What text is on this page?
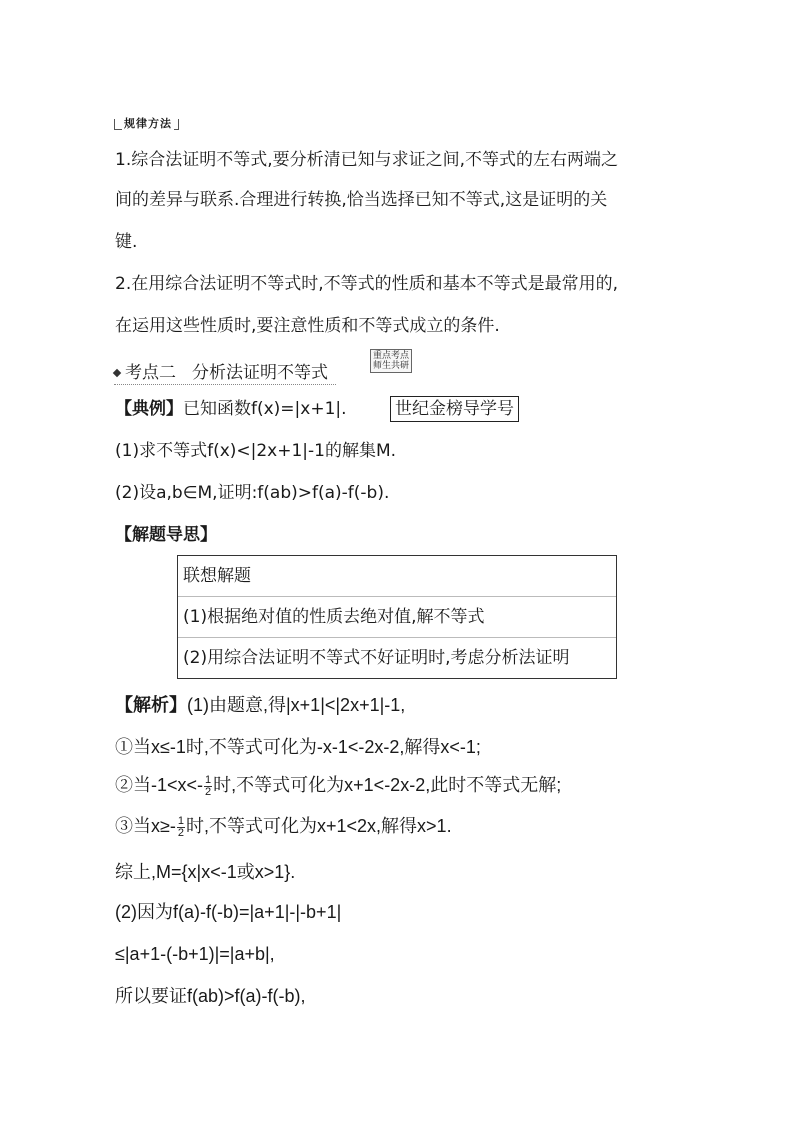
规律方法
1.综合法证明不等式,要分析清已知与求证之间,不等式的左右两端之
间的差异与联系.合理进行转换,恰当选择已知不等式,这是证明的关
键.
2.在用综合法证明不等式时,不等式的性质和基本不等式是最常用的,
在运用这些性质时,要注意性质和不等式成立的条件.
考点二 分析法证明不等式
重点考点
师生共研
【典例】已知函数f(x)=|x+1|.	世纪金榜导学号
(1)求不等式f(x)<|2x+1|-1的解集M.
(2)设a,b∈M,证明:f(ab)>f(a)-f(-b).
【解题导思】
联想解题
(1)根据绝对值的性质去绝对值,解不等式
(2)用综合法证明不等式不好证明时,考虑分析法证明
【解析】(1)由题意,得|x+1|<|2x+1|-1,
①当x≤-1时,不等式可化为-x-1<-2x-2,解得x<-1;
②当$-1<x<- \frac{1}{2}$ 时,不等式可化为x+1<-2x-2,此时不等式无解;
③当$x\ge- \frac{1}{2}$ 时,不等式可化为x+1<2x,解得x>1.
综上,M={x|x<-1或x>1}.
(2)因为f(a)-f(-b)=|a+1|-|-b+1|
≤|a+1-(-b+1)|=|a+b|,
所以要证f(ab)>f(a)-f(-b),
